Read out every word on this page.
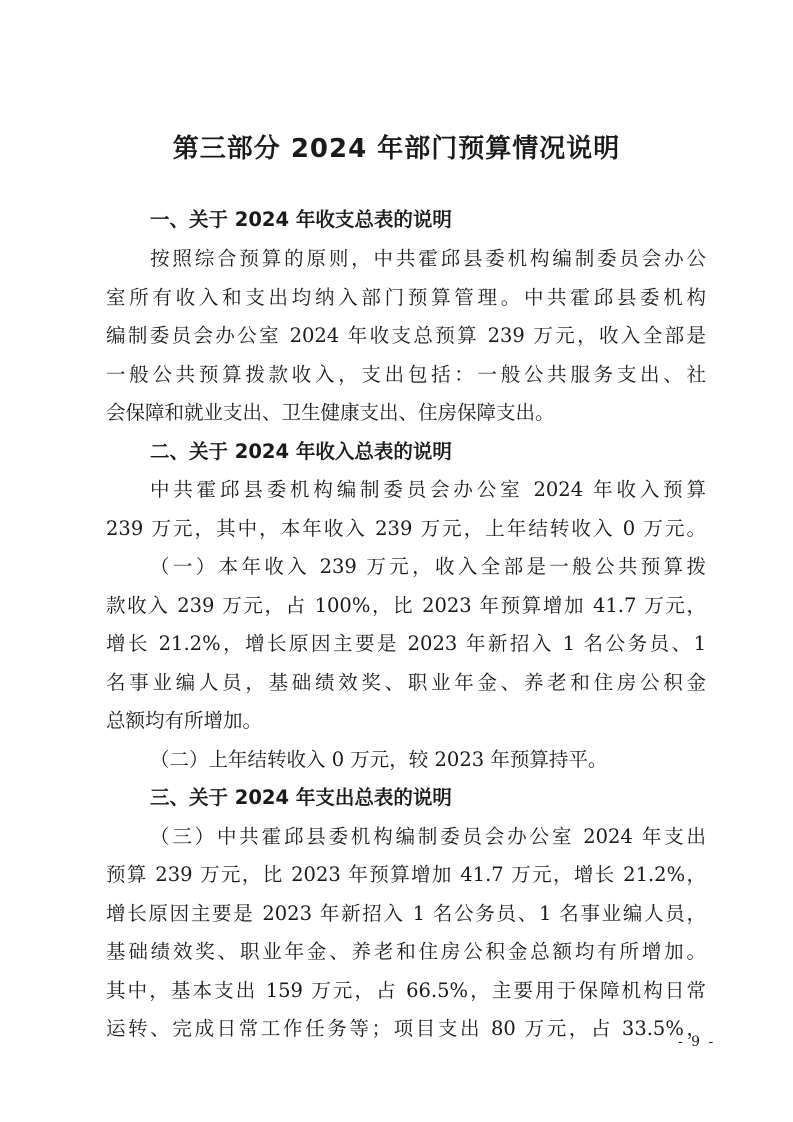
第三部分 2024 年部门预算情况说明
一、关于 2024 年收支总表的说明
按照综合预算的原则，中共霍邱县委机构编制委员会办公
室所有收入和支出均纳入部门预算管理。中共霍邱县委机构
编制委员会办公室 2024 年收支总预算 239 万元，收入全部是
一般公共预算拨款收入，支出包括：一般公共服务支出、社
会保障和就业支出、卫生健康支出、住房保障支出。
二、关于 2024 年收入总表的说明
中共霍邱县委机构编制委员会办公室 2024 年收入预算
239 万元，其中，本年收入 239 万元，上年结转收入 0 万元。
（一）本年收入 239 万元，收入全部是一般公共预算拨
款收入 239 万元，占 100%，比 2023 年预算增加 41.7 万元，
增长 21.2%，增长原因主要是 2023 年新招入 1 名公务员、1
名事业编人员，基础绩效奖、职业年金、养老和住房公积金
总额均有所增加。
（二）上年结转收入 0 万元，较 2023 年预算持平。
三、关于 2024 年支出总表的说明
（三）中共霍邱县委机构编制委员会办公室 2024 年支出
预算 239 万元，比 2023 年预算增加 41.7 万元，增长 21.2%，
增长原因主要是 2023 年新招入 1 名公务员、1 名事业编人员，
基础绩效奖、职业年金、养老和住房公积金总额均有所增加。
其中，基本支出 159 万元，占 66.5%，主要用于保障机构日常
运转、完成日常工作任务等；项目支出 80 万元，占 33.5%，
- 9 -
